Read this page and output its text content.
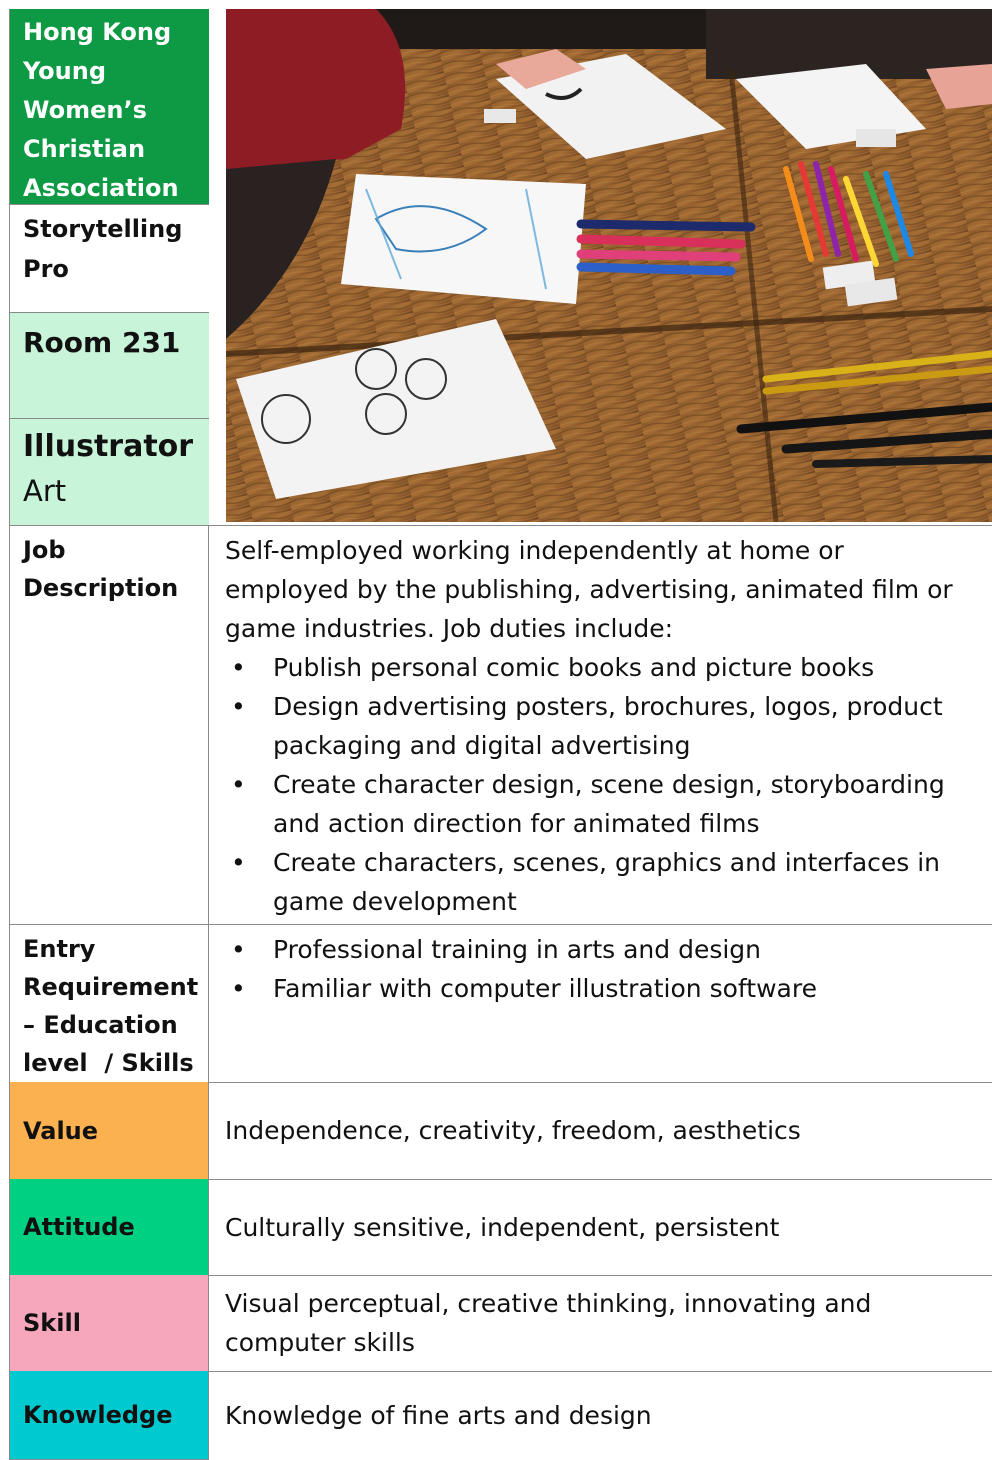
Hong Kong
Young
Women’s
Christian
Association
Storytelling
Pro
Room 231
Illustrator
Art
Job
Description
Self-employed working independently at home or
employed by the publishing, advertising, animated film or
game industries. Job duties include:
• Publish personal comic books and picture books
• Design advertising posters, brochures, logos, product packaging and digital advertising
• Create character design, scene design, storyboarding and action direction for animated films
• Create characters, scenes, graphics and interfaces in game development
Entry
Requirement
– Education
level  / Skills
• Professional training in arts and design
• Familiar with computer illustration software
Value	Independence, creativity, freedom, aesthetics
Attitude	Culturally sensitive, independent, persistent
Skill
Visual perceptual, creative thinking, innovating and computer skills
Knowledge Knowledge of fine arts and design
